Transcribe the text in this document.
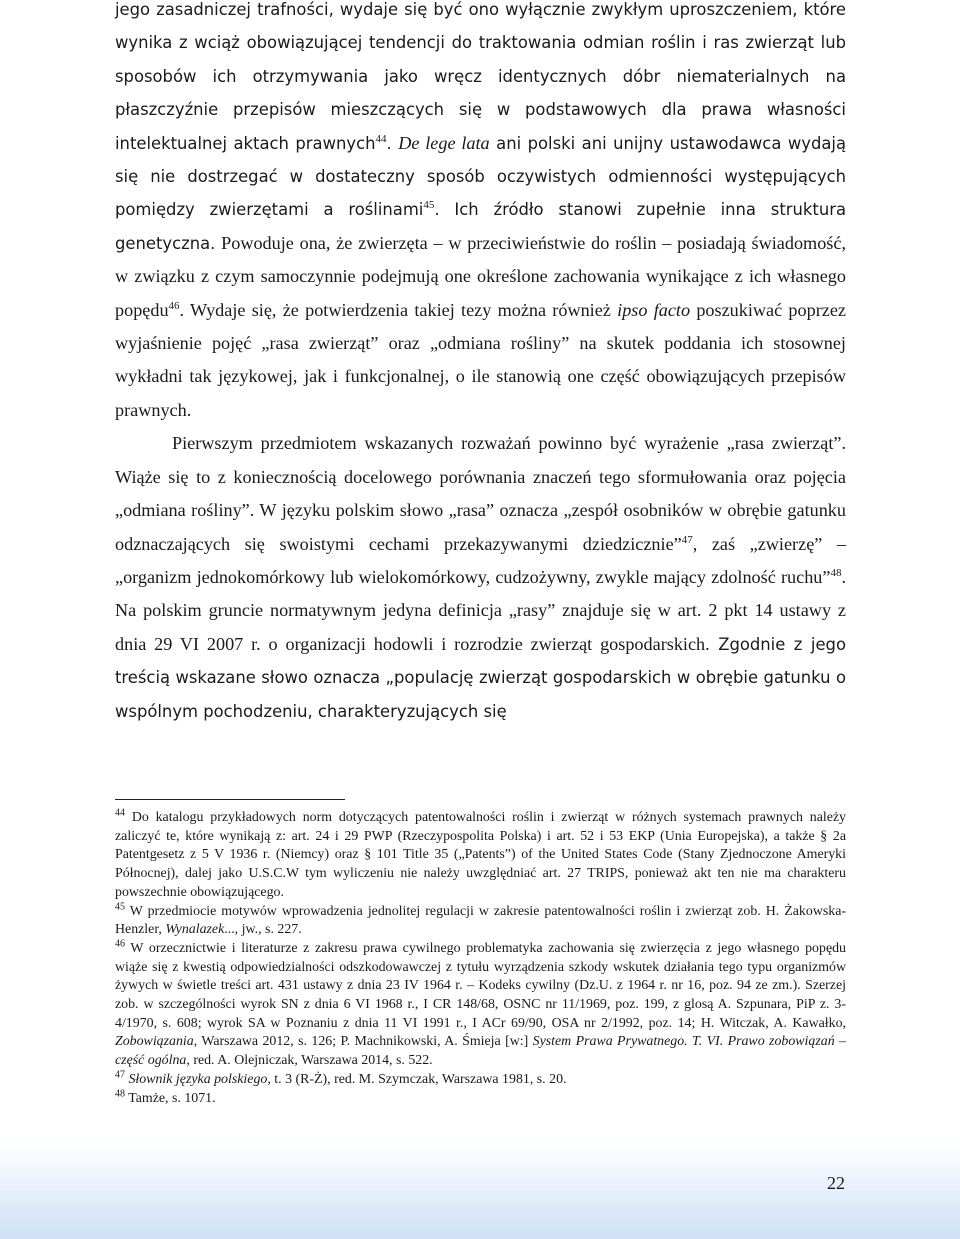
jego zasadniczej trafności, wydaje się być ono wyłącznie zwykłym uproszczeniem, które wynika z wciąż obowiązującej tendencji do traktowania odmian roślin i ras zwierząt lub sposobów ich otrzymywania jako wręcz identycznych dóbr niematerialnych na płaszczyźnie przepisów mieszczących się w podstawowych dla prawa własności intelektualnej aktach prawnych$^{44}$. De lege lata ani polski ani unijny ustawodawca wydają się nie dostrzegać w dostateczny sposób oczywistych odmienności występujących pomiędzy zwierzętami a roślinami$^{45}$. Ich źródło stanowi zupełnie inna struktura genetyczna. Powoduje ona, że zwierzęta – w przeciwieństwie do roślin – posiadają świadomość, w związku z czym samoczynnie podejmują one określone zachowania wynikające z ich własnego popędu$^{46}$. Wydaje się, że potwierdzenia takiej tezy można również ipso facto poszukiwać poprzez wyjaśnienie pojęć „rasa zwierząt” oraz „odmiana rośliny” na skutek poddania ich stosownej wykładni tak językowej, jak i funkcjonalnej, o ile stanowią one część obowiązujących przepisów prawnych.

Pierwszym przedmiotem wskazanych rozważań powinno być wyrażenie „rasa zwierząt”. Wiąże się to z koniecznością docelowego porównania znaczeń tego sformułowania oraz pojęcia „odmiana rośliny”. W języku polskim słowo „rasa” oznacza „zespół osobników w obrębie gatunku odznaczających się swoistymi cechami przekazywanymi dziedzicznie”$^{47}$, zaś „zwierzę” – „organizm jednokomórkowy lub wielokomórkowy, cudzożywny, zwykle mający zdolność ruchu”$^{48}$. Na polskim gruncie normatywnym jedyna definicja „rasy” znajduje się w art. 2 pkt 14 ustawy z dnia 29 VI 2007 r. o organizacji hodowli i rozrodzie zwierząt gospodarskich. Zgodnie z jego treścią wskazane słowo oznacza „populację zwierząt gospodarskich w obrębie gatunku o wspólnym pochodzeniu, charakteryzujących się

$^{44}$ Do katalogu przykładowych norm dotyczących patentowalności roślin i zwierząt w różnych systemach prawnych należy zaliczyć te, które wynikają z: art. 24 i 29 PWP (Rzeczypospolita Polska) i art. 52 i 53 EKP (Unia Europejska), a także § 2a Patentgesetz z 5 V 1936 r. (Niemcy) oraz § 101 Title 35 („Patents”) of the United States Code (Stany Zjednoczone Ameryki Północnej), dalej jako U.S.C.W tym wyliczeniu nie należy uwzględniać art. 27 TRIPS, ponieważ akt ten nie ma charakteru powszechnie obowiązującego.

$^{45}$ W przedmiocie motywów wprowadzenia jednolitej regulacji w zakresie patentowalności roślin i zwierząt zob. H. Żakowska-Henzler, Wynalazek..., jw., s. 227.

$^{46}$ W orzecznictwie i literaturze z zakresu prawa cywilnego problematyka zachowania się zwierzęcia z jego własnego popędu wiąże się z kwestią odpowiedzialności odszkodowawczej z tytułu wyrządzenia szkody wskutek działania tego typu organizmów żywych w świetle treści art. 431 ustawy z dnia 23 IV 1964 r. – Kodeks cywilny (Dz.U. z 1964 r. nr 16, poz. 94 ze zm.). Szerzej zob. w szczególności wyrok SN z dnia 6 VI 1968 r., I CR 148/68, OSNC nr 11/1969, poz. 199, z glosą A. Szpunara, PiP z. 3-4/1970, s. 608; wyrok SA w Poznaniu z dnia 11 VI 1991 r., I ACr 69/90, OSA nr 2/1992, poz. 14; H. Witczak, A. Kawałko, Zobowiązania, Warszawa 2012, s. 126; P. Machnikowski, A. Śmieja [w:] System Prawa Prywatnego. T. VI. Prawo zobowiązań – część ogólna, red. A. Olejniczak, Warszawa 2014, s. 522.

$^{47}$ Słownik języka polskiego, t. 3 (R-Ż), red. M. Szymczak, Warszawa 1981, s. 20.

$^{48}$ Tamże, s. 1071.

22
